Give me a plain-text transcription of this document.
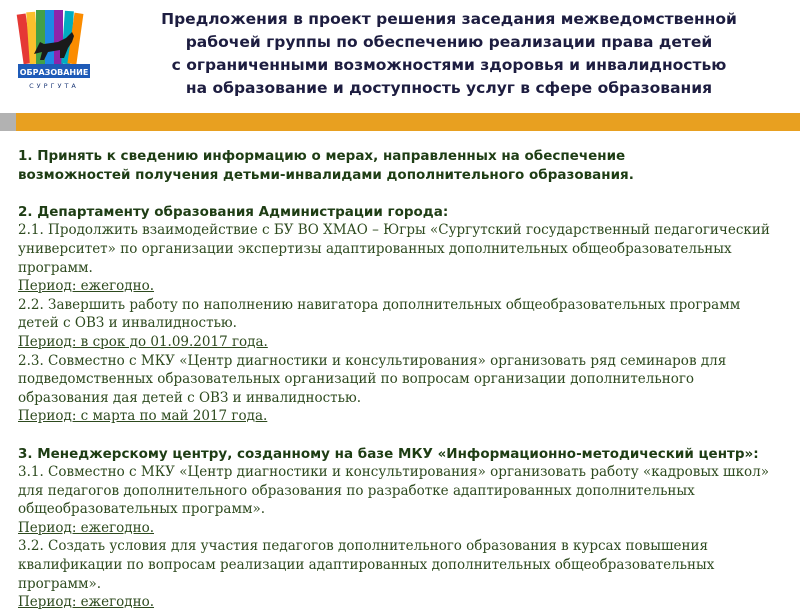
ОБРАЗОВАНИЕ
СУРГУТА
Предложения в проект решения заседания межведомственной
рабочей группы по обеспечению реализации права детей
с ограниченными возможностями здоровья и инвалидностью
на образование и доступность услуг в сфере образования
1. Принять к сведению информацию о мерах, направленных на обеспечение
возможностей получения детьми-инвалидами дополнительного образования.
2. Департаменту образования Администрации города:
2.1. Продолжить взаимодействие с БУ ВО ХМАО – Югры «Сургутский государственный педагогический
университет» по организации экспертизы адаптированных дополнительных общеобразовательных
программ.
Период: ежегодно.
2.2. Завершить работу по наполнению навигатора дополнительных общеобразовательных программ
детей с ОВЗ и инвалидностью.
Период: в срок до 01.09.2017 года.
2.3. Совместно с МКУ «Центр диагностики и консультирования» организовать ряд семинаров для
подведомственных образовательных организаций по вопросам организации дополнительного
образования дая детей с ОВЗ и инвалидностью.
Период: с марта по май 2017 года.
3. Менеджерскому центру, созданному на базе МКУ «Информационно-методический центр»:
3.1. Совместно с МКУ «Центр диагностики и консультирования» организовать работу «кадровых школ»
для педагогов дополнительного образования по разработке адаптированных дополнительных
общеобразовательных программ».
Период: ежегодно.
3.2. Создать условия для участия педагогов дополнительного образования в курсах повышения
квалификации по вопросам реализации адаптированных дополнительных общеобразовательных
программ».
Период: ежегодно.
